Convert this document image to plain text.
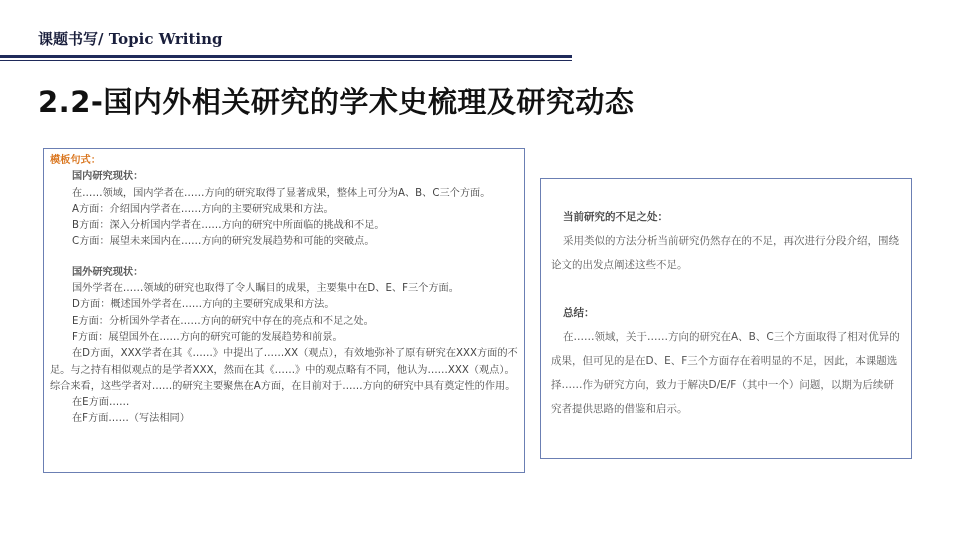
课题书写/ Topic Writing
2.2-国内外相关研究的学术史梳理及研究动态
模板句式：
国内研究现状：
在……领域，国内学者在……方向的研究取得了显著成果，整体上可分为A、B、C三个方面。
A方面：介绍国内学者在……方向的主要研究成果和方法。
B方面：深入分析国内学者在……方向的研究中所面临的挑战和不足。
C方面：展望未来国内在……方向的研究发展趋势和可能的突破点。
国外研究现状：
国外学者在……领域的研究也取得了令人瞩目的成果，主要集中在D、E、F三个方面。
D方面：概述国外学者在……方向的主要研究成果和方法。
E方面：分析国外学者在……方向的研究中存在的亮点和不足之处。
F方面：展望国外在……方向的研究可能的发展趋势和前景。
在D方面，XXX学者在其《……》中提出了……XX（观点），有效地弥补了原有研究在XXX方面的不足。与之持有相似观点的是学者XXX，然而在其《……》中的观点略有不同，他认为……XXX（观点）。综合来看，这些学者对……的研究主要聚焦在A方面，在目前对于……方向的研究中具有奠定性的作用。
在E方面……
在F方面……（写法相同）
当前研究的不足之处：
采用类似的方法分析当前研究仍然存在的不足，再次进行分段介绍，围绕论文的出发点阐述这些不足。
总结：
在……领域，关于……方向的研究在A、B、C三个方面取得了相对优异的成果，但可见的是在D、E、F三个方面存在着明显的不足，因此，本课题选择……作为研究方向，致力于解决D/E/F（其中一个）问题，以期为后续研究者提供思路的借鉴和启示。
